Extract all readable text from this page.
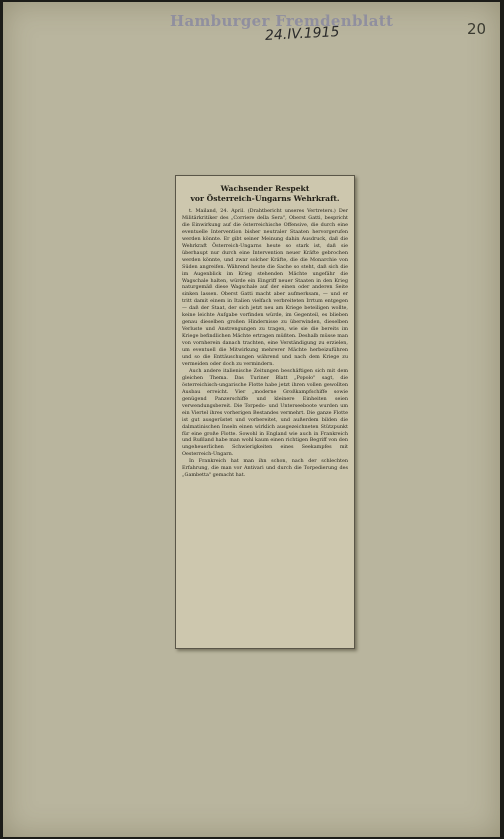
Hamburger Fremdenblatt
24.IV.1915	20
Wachsender Respekt
vor Österreich-Ungarns Wehrkraft.

t. Mailand, 24. April. (Drahtbericht unseres Vertreters.) Der Militärkritiker des „Corriere della Sera", Oberst Gatti, bespricht die Einwirkung auf die österreichische Offensive, die durch eine eventuelle Intervention bisher neutraler Staaten hervorgerufen werden könnte. Er gibt seiner Meinung dahin Ausdruck, daß die Wehrkraft Österreich-Ungarns heute so stark ist, daß sie überhaupt nur durch eine Intervention neuer Kräfte gebrochen werden könnte, und zwar solcher Kräfte, die die Monarchie von Süden angreifen. Während heute die Sache so steht, daß sich die im Augenblick im Krieg stehenden Mächte ungefähr die Wagschale halten, würde ein Eingriff neuer Staaten in den Krieg naturgemäß diese Wagschale auf der einen oder anderen Seite sinken lassen. Oberst Gatti macht aber aufmerksam, — und er tritt damit einem in Italien vielfach verbreiteten Irrtum entgegen — daß der Staat, der sich jetzt neu am Kriege beteiligen wollte, keine leichte Aufgabe vorfinden würde, im Gegenteil, es blieben genau dieselben großen Hindernisse zu überwinden, dieselben Verluste und Anstrengungen zu tragen, wie sie die bereits im Kriege befindlichen Mächte ertragen müßten. Deshalb müsse man von vornherein danach trachten, eine Verständigung zu erzielen, um eventuell die Mitwirkung mehrerer Mächte herbeizuführen und so die Enttäuschungen während und nach dem Kriege zu vermeiden oder doch zu vermindern.

Auch andere italienische Zeitungen beschäftigen sich mit dem gleichen Thema. Das Turiner Blatt „Popolo" sagt, die österreichisch-ungarische Flotte habe jetzt ihren vollen gewollten Ausbau erreicht. Vier „moderne Großkampfschiffe sowie genügend Panzerschiffe und kleinere Einheiten seien verwendungsbereit. Die Torpedo- und Unterseeboote wurden um ein Viertel ihres vorherigen Bestandes vermehrt. Die ganze Flotte ist gut ausgerüstet und vorbereitet, und außerdem bilden die dalmatinischen Inseln einen wirklich ausgezeichneten Stützpunkt für eine große Flotte. Sowohl in England wie auch in Frankreich und Rußland habe man wohl kaum einen richtigen Begriff von den ungeheuerlichen Schwierigkeiten eines Seekampfes mit Oesterreich-Ungarn.

In Frankreich hat man ihn schon, nach der schlechten Erfahrung, die man vor Antivari und durch die Torpedierung des „Gambetta" gemacht hat.
